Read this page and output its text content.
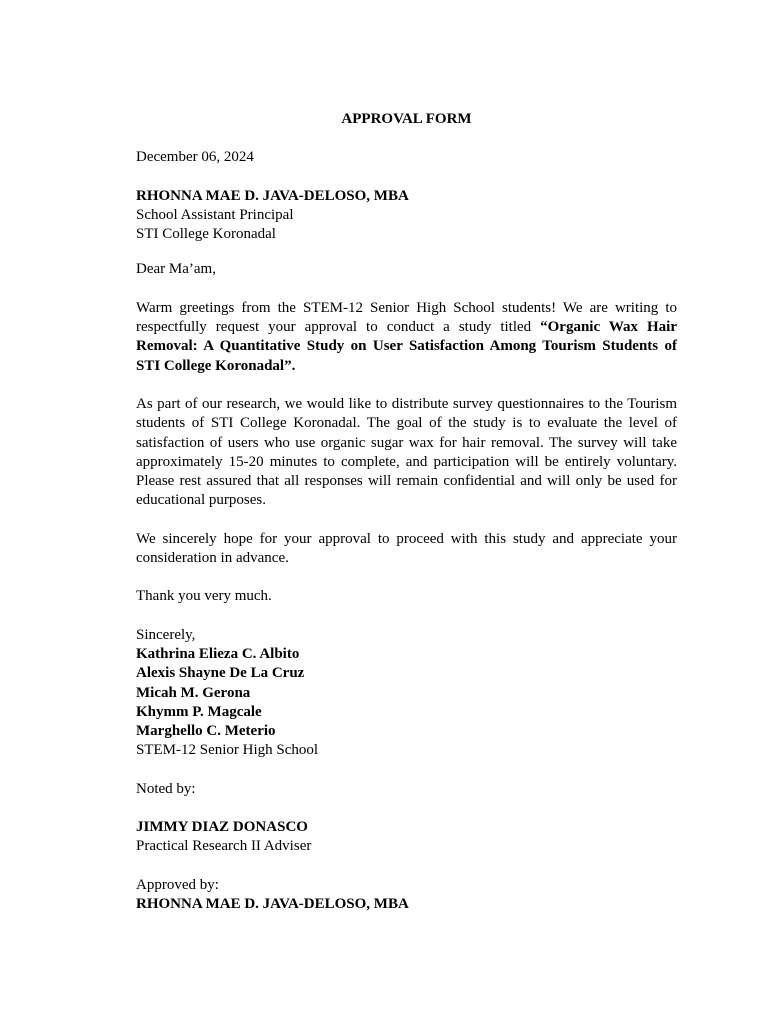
APPROVAL FORM

December 06, 2024

RHONNA MAE D. JAVA-DELOSO, MBA

School Assistant Principal

STI College Koronadal

Dear Ma’am,

Warm greetings from the STEM-12 Senior High School students! We are writing to respectfully request your approval to conduct a study titled “Organic Wax Hair Removal: A Quantitative Study on User Satisfaction Among Tourism Students of STI College Koronadal”.

As part of our research, we would like to distribute survey questionnaires to the Tourism students of STI College Koronadal. The goal of the study is to evaluate the level of satisfaction of users who use organic sugar wax for hair removal. The survey will take approximately 15-20 minutes to complete, and participation will be entirely voluntary. Please rest assured that all responses will remain confidential and will only be used for educational purposes.

We sincerely hope for your approval to proceed with this study and appreciate your consideration in advance.

Thank you very much.

Sincerely,

Kathrina Elieza C. Albito

Alexis Shayne De La Cruz

Micah M. Gerona

Khymm P. Magcale

Marghello C. Meterio

STEM-12 Senior High School

Noted by:

JIMMY DIAZ DONASCO

Practical Research II Adviser

Approved by:

RHONNA MAE D. JAVA-DELOSO, MBA
